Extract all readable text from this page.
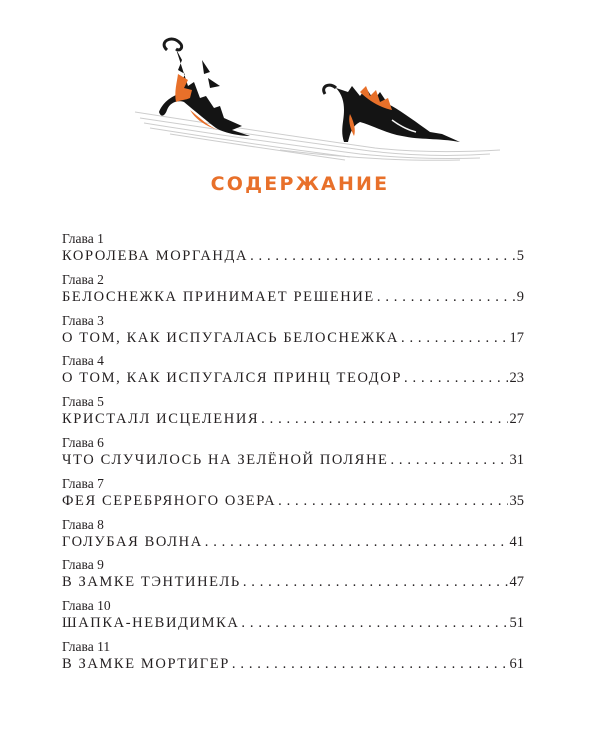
СОДЕРЖАНИЕ
Глава 1
КОРОЛЕВА МОРГАНДА . . .	5
Глава 2
БЕЛОСНЕЖКА ПРИНИМАЕТ РЕШЕНИЕ . . .	9
Глава 3
О ТОМ, КАК ИСПУГАЛАСЬ БЕЛОСНЕЖКА . . .	17
Глава 4
О ТОМ, КАК ИСПУГАЛСЯ ПРИНЦ ТЕОДОР . . .	23
Глава 5
КРИСТАЛЛ ИСЦЕЛЕНИЯ . . .	27
Глава 6
ЧТО СЛУЧИЛОСЬ НА ЗЕЛЁНОЙ ПОЛЯНЕ . . .	31
Глава 7
ФЕЯ СЕРЕБРЯНОГО ОЗЕРА . . .	35
Глава 8
ГОЛУБАЯ ВОЛНА . . .	41
Глава 9
В ЗАМКЕ ТЭНТИНЕЛЬ . . .	47
Глава 10
ШАПКА-НЕВИДИМКА . . .	51
Глава 11
В ЗАМКЕ МОРТИГЕР . . .	61
